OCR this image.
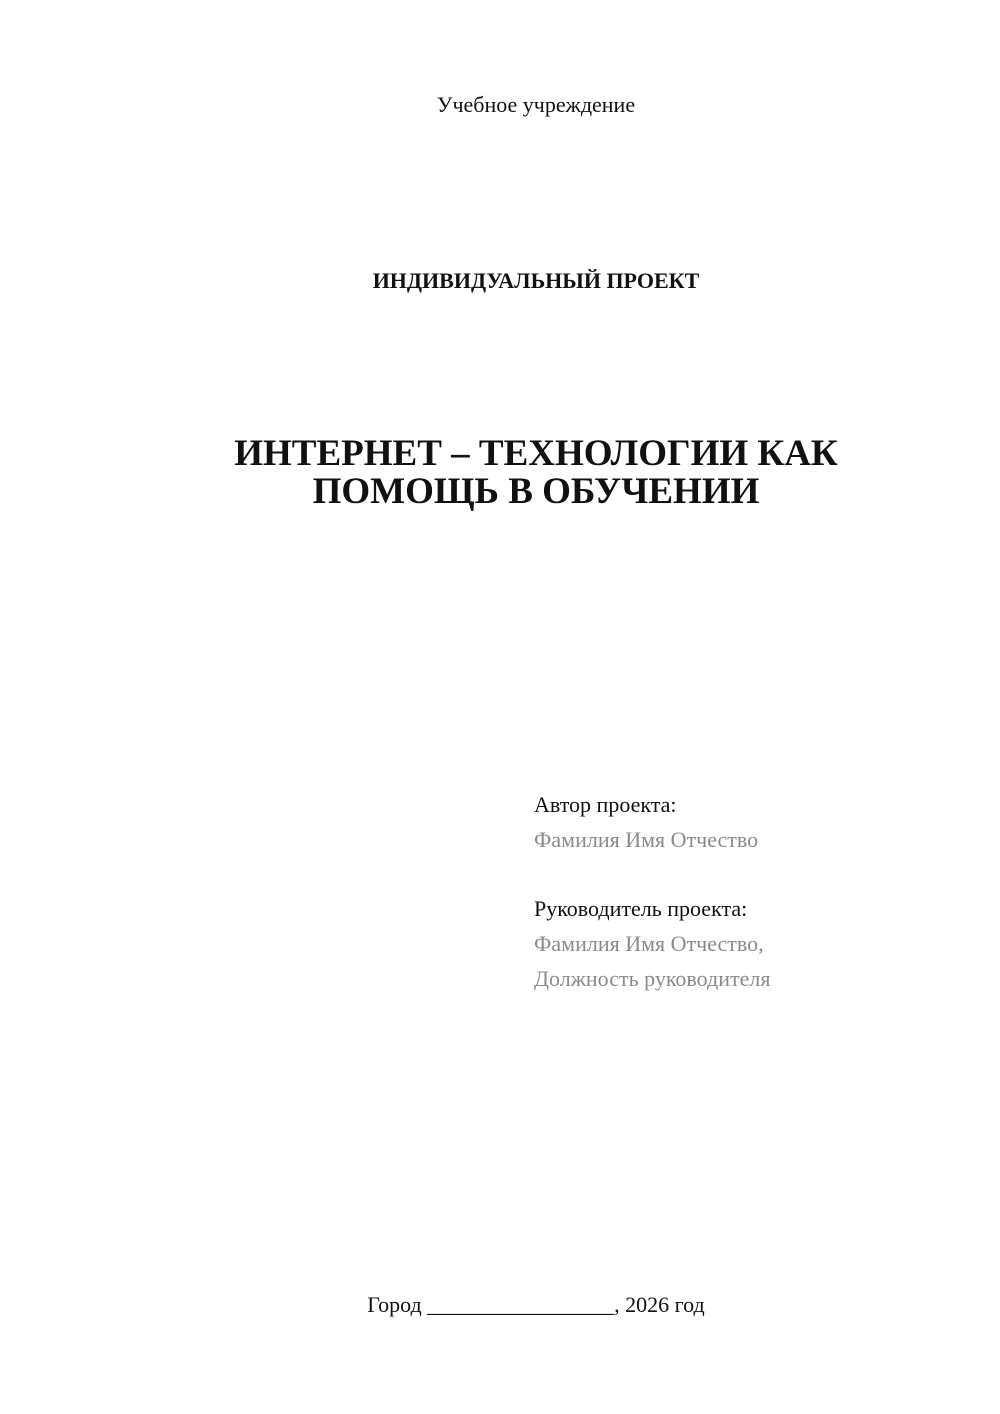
Учебное учреждение
ИНДИВИДУАЛЬНЫЙ ПРОЕКТ
ИНТЕРНЕТ – ТЕХНОЛОГИИ КАК
ПОМОЩЬ В ОБУЧЕНИИ
Автор проекта:
Фамилия Имя Отчество
Руководитель проекта:
Фамилия Имя Отчество,
Должность руководителя
Город _________________, 2026 год
